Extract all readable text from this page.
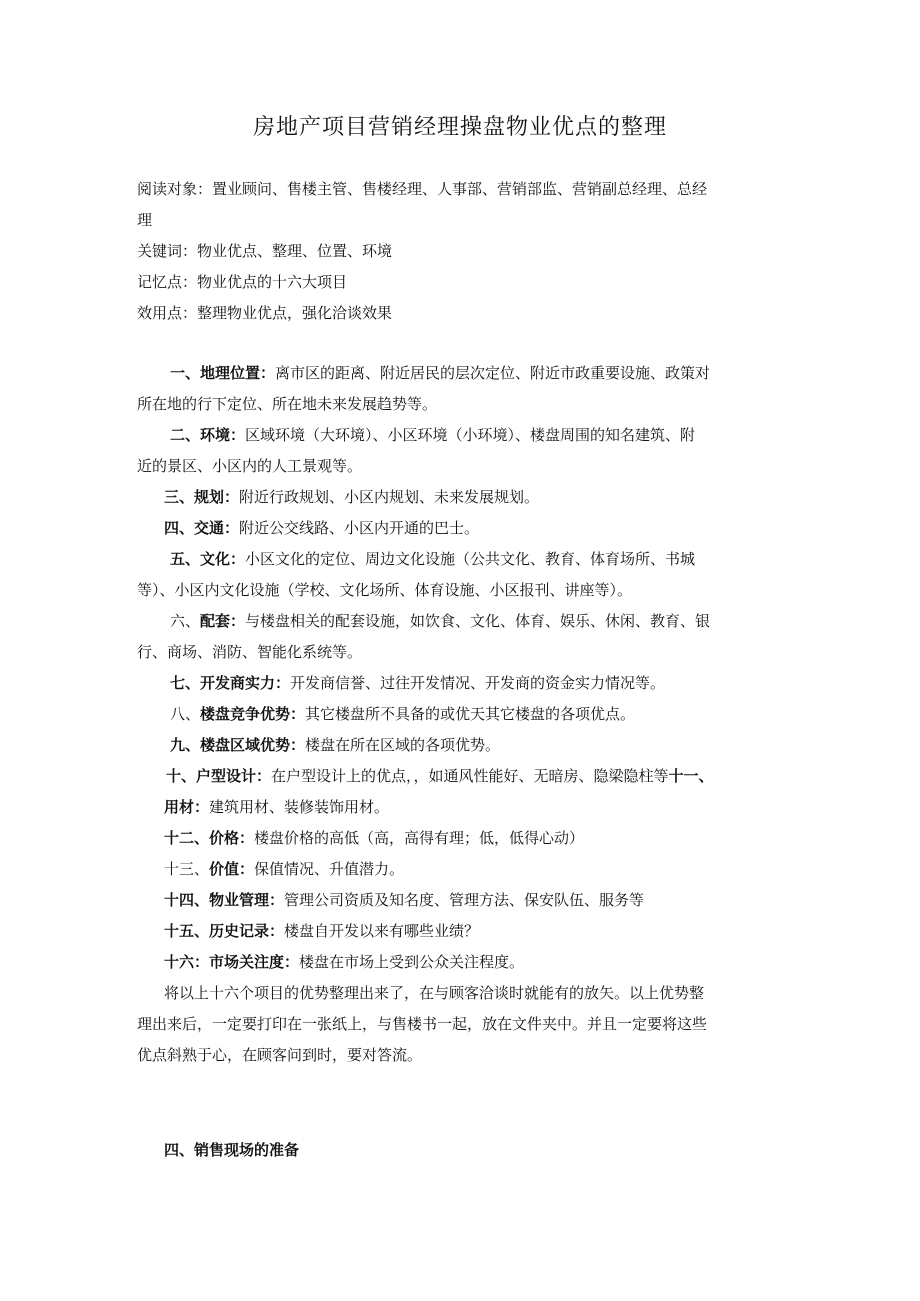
房地产项目营销经理操盘物业优点的整理
阅读对象：置业顾问、售楼主管、售楼经理、人事部、营销部监、营销副总经理、总经
理
关键词：物业优点、整理、位置、环境
记忆点：物业优点的十六大项目
效用点：整理物业优点，强化洽谈效果
一、地理位置：离市区的距离、附近居民的层次定位、附近市政重要设施、政策对
所在地的行下定位、所在地未来发展趋势等。
二、环境：区域环境（大环境）、小区环境（小环境）、楼盘周围的知名建筑、附
近的景区、小区内的人工景观等。
三、规划：附近行政规划、小区内规划、未来发展规划。
四、交通：附近公交线路、小区内开通的巴士。
五、文化：小区文化的定位、周边文化设施（公共文化、教育、体育场所、书城
等）、小区内文化设施（学校、文化场所、体育设施、小区报刊、讲座等）。
六、配套：与楼盘相关的配套设施，如饮食、文化、体育、娱乐、休闲、教育、银
行、商场、消防、智能化系统等。
七、开发商实力：开发商信誉、过往开发情况、开发商的资金实力情况等。
八、楼盘竞争优势：其它楼盘所不具备的或优天其它楼盘的各项优点。
九、楼盘区域优势：楼盘在所在区域的各项优势。
十、户型设计：在户型设计上的优点，，如通风性能好、无暗房、隐梁隐柱等十一、
用材：建筑用材、装修装饰用材。
十二、价格：楼盘价格的高低（高，高得有理；低，低得心动）
十三、价值：保值情况、升值潜力。
十四、物业管理：管理公司资质及知名度、管理方法、保安队伍、服务等
十五、历史记录：楼盘自开发以来有哪些业绩？
十六：市场关注度：楼盘在市场上受到公众关注程度。
将以上十六个项目的优势整理出来了，在与顾客洽谈时就能有的放矢。以上优势整
理出来后，一定要打印在一张纸上，与售楼书一起，放在文件夹中。并且一定要将这些
优点斜熟于心，在顾客问到时，要对答流。
四、销售现场的准备
